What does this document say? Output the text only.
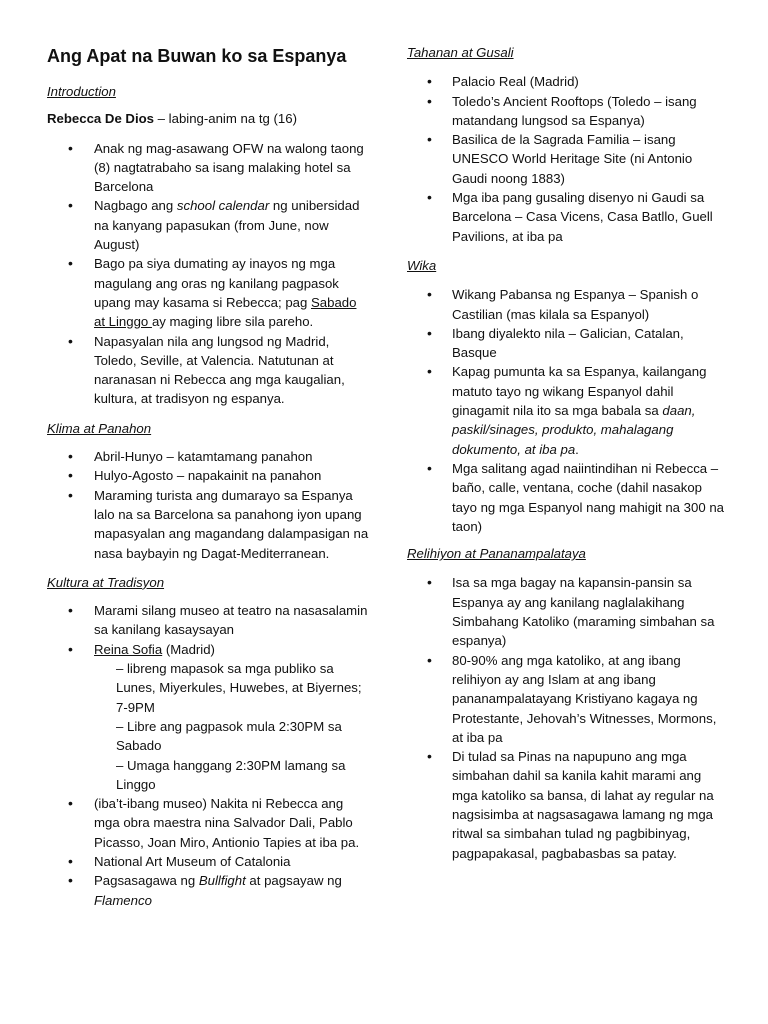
Ang Apat na Buwan ko sa Espanya

Introduction

Rebecca De Dios – labing-anim na tg (16)

• Anak ng mag-asawang OFW na walong taong (8) nagtatrabaho sa isang malaking hotel sa Barcelona
• Nagbago ang school calendar ng unibersidad na kanyang papasukan (from June, now August)
• Bago pa siya dumating ay inayos ng mga magulang ang oras ng kanilang pagpasok upang may kasama si Rebecca; pag Sabado at Linggo ay maging libre sila pareho.
• Napasyalan nila ang lungsod ng Madrid, Toledo, Seville, at Valencia. Natutunan at naranasan ni Rebecca ang mga kaugalian, kultura, at tradisyon ng espanya.

Klima at Panahon

• Abril-Hunyo – katamtamang panahon
• Hulyo-Agosto – napakainit na panahon
• Maraming turista ang dumarayo sa Espanya lalo na sa Barcelona sa panahong iyon upang mapasyalan ang magandang dalampasigan na nasa baybayin ng Dagat-Mediterranean.

Kultura at Tradisyon

• Marami silang museo at teatro na nasasalamin sa kanilang kasaysayan
• Reina Sofia (Madrid)
– libreng mapasok sa mga publiko sa Lunes, Miyerkules, Huwebes, at Biyernes; 7-9PM
– Libre ang pagpasok mula 2:30PM sa Sabado
– Umaga hanggang 2:30PM lamang sa Linggo
• (iba’t-ibang museo) Nakita ni Rebecca ang mga obra maestra nina Salvador Dali, Pablo Picasso, Joan Miro, Antionio Tapies at iba pa.
• National Art Museum of Catalonia
• Pagsasagawa ng Bullfight at pagsayaw ng Flamenco

Tahanan at Gusali

• Palacio Real (Madrid)
• Toledo’s Ancient Rooftops (Toledo – isang matandang lungsod sa Espanya)
• Basilica de la Sagrada Familia – isang UNESCO World Heritage Site (ni Antonio Gaudi noong 1883)
• Mga iba pang gusaling disenyo ni Gaudi sa Barcelona – Casa Vicens, Casa Batllo, Guell Pavilions, at iba pa

Wika

• Wikang Pabansa ng Espanya – Spanish o Castilian (mas kilala sa Espanyol)
• Ibang diyalekto nila – Galician, Catalan, Basque
• Kapag pumunta ka sa Espanya, kailangang matuto tayo ng wikang Espanyol dahil ginagamit nila ito sa mga babala sa daan, paskil/sinages, produkto, mahalagang dokumento, at iba pa.
• Mga salitang agad naiintindihan ni Rebecca – baño, calle, ventana, coche (dahil nasakop tayo ng mga Espanyol nang mahigit na 300 na taon)

Relihiyon at Pananampalataya

• Isa sa mga bagay na kapansin-pansin sa Espanya ay ang kanilang naglalakihang Simbahang Katoliko (maraming simbahan sa espanya)
• 80-90% ang mga katoliko, at ang ibang relihiyon ay ang Islam at ang ibang pananampalatayang Kristiyano kagaya ng Protestante, Jehovah’s Witnesses, Mormons, at iba pa
• Di tulad sa Pinas na napupuno ang mga simbahan dahil sa kanila kahit marami ang mga katoliko sa bansa, di lahat ay regular na nagsisimba at nagsasagawa lamang ng mga ritwal sa simbahan tulad ng pagbibinyag, pagpapakasal, pagbabasbas sa patay.
